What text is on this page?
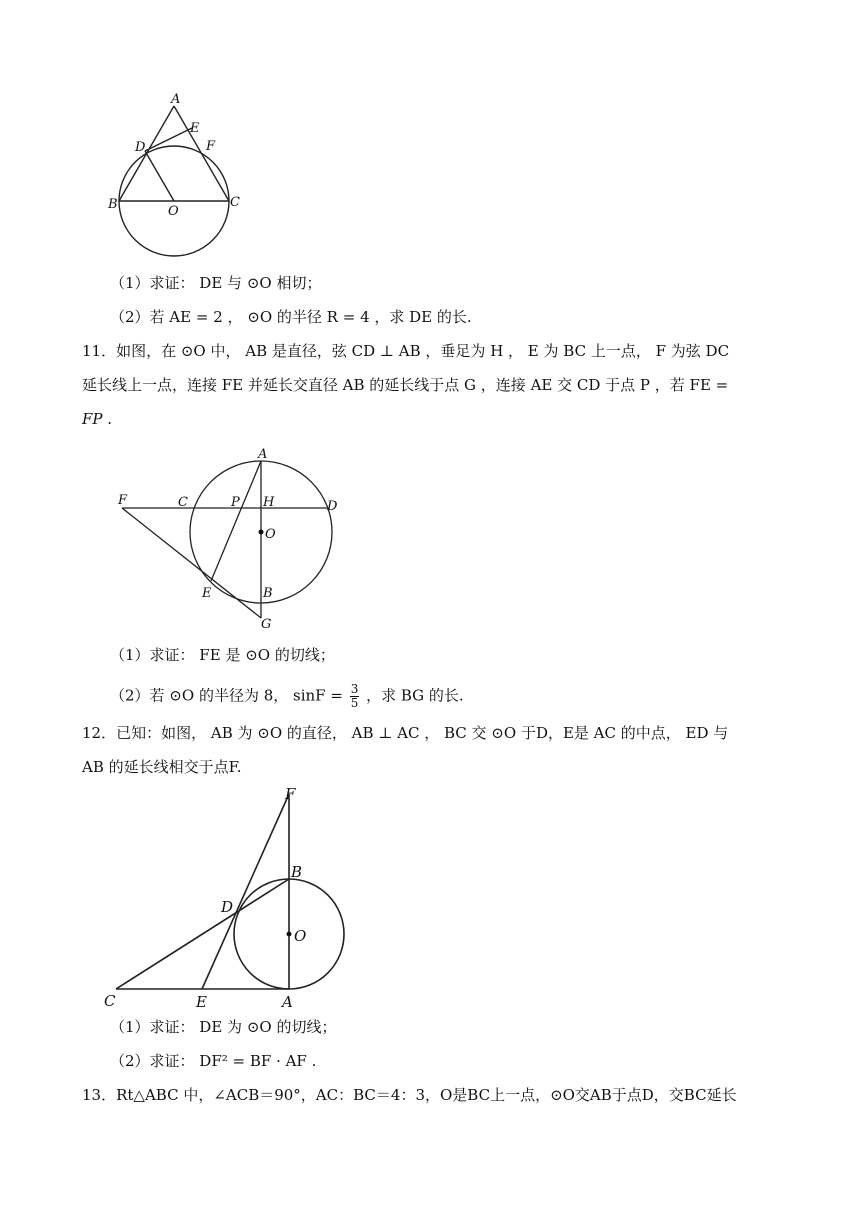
A
E
D	F
B	O
C
（1）求证： DE 与 ⊙O 相切；
（2）若 AE = 2 ， ⊙O 的半径 R = 4 ，求 DE 的长.
11．如图，在 ⊙O 中， AB 是直径，弦 CD ⊥ AB ，垂足为 H ， E 为 BC 上一点， F 为弦 DC
延长线上一点，连接 FE 并延长交直径 AB 的延长线于点 G ，连接 AE 交 CD 于点 P ，若 FE =
FP .
A
F	C	P H	D
O
E	B
G
（1）求证： FE 是 ⊙O 的切线；
（2）若 ⊙O 的半径为 8， $\sin F = \frac{3}{5}$ ，求 BG 的长.
12．已知：如图， AB 为 ⊙O 的直径， AB ⊥ AC ， BC 交 ⊙O 于D，E是 AC 的中点， ED 与
AB 的延长线相交于点F.
F
B
D
O
C	E	A
（1）求证： DE 为 ⊙O 的切线；
（2）求证： DF² = BF · AF .
13．Rt△ABC 中，∠ACB＝90°，AC：BC＝4：3，O是BC上一点，⊙O交AB于点D，交BC延长
